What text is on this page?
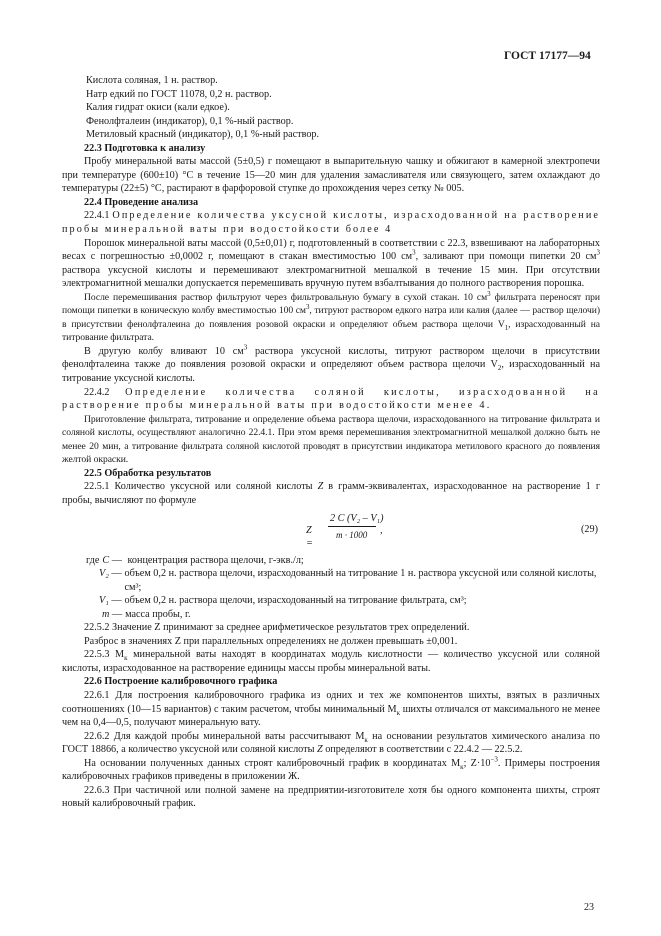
ГОСТ 17177—94

Кислота соляная, 1 н. раствор.

Натр едкий по ГОСТ 11078, 0,2 н. раствор.

Калия гидрат окиси (кали едкое).

Фенолфталеин (индикатор), 0,1 %-ный раствор.

Метиловый красный (индикатор), 0,1 %-ный раствор.

22.3 Подготовка к анализу

Пробу минеральной ваты массой (5±0,5) г помещают в выпарительную чашку и обжигают в камерной электропечи при температуре (600±10) °С в течение 15—20 мин для удаления замасливателя или связующего, затем охлаждают до температуры (22±5) °С, растирают в фарфоровой ступке до прохождения через сетку № 005.

22.4 Проведение анализа

22.4.1 Определение количества уксусной кислоты, израсходованной на растворение пробы минеральной ваты при водостойкости более 4

Порошок минеральной ваты массой (0,5±0,01) г, подготовленный в соответствии с 22.3, взвешивают на лабораторных весах с погрешностью ±0,0002 г, помещают в стакан вместимостью 100 $см^3$, заливают при помощи пипетки 20 $см^3$ раствора уксусной кислоты и перемешивают электромагнитной мешалкой в течение 15 мин. При отсутствии электромагнитной мешалки допускается перемешивать вручную путем взбалтывания до полного растворения порошка.

После перемешивания раствор фильтруют через фильтровальную бумагу в сухой стакан. 10 $см^3$ фильтрата переносят при помощи пипетки в коническую колбу вместимостью 100 $см^3$, титруют раствором едкого натра или калия (далее — раствор щелочи) в присутствии фенолфталеина до появления розовой окраски и определяют объем раствора щелочи $V_1$, израсходованный на титрование фильтрата.

В другую колбу вливают 10 $см^3$ раствора уксусной кислоты, титруют раствором щелочи в присутствии фенолфталеина также до появления розовой окраски и определяют объем раствора щелочи $V_2$, израсходованный на титрование уксусной кислоты.

22.4.2 Определение количества соляной кислоты, израсходованной на растворение пробы минеральной ваты при водостойкости менее 4.

Приготовление фильтрата, титрование и определение объема раствора щелочи, израсходованного на титрование фильтрата и соляной кислоты, осуществляют аналогично 22.4.1. При этом время перемешивания электромагнитной мешалкой должно быть не менее 20 мин, а титрование фильтрата соляной кислотой проводят в присутствии индикатора метилового красного до появления желтой окраски.

22.5 Обработка результатов

22.5.1 Количество уксусной или соляной кислоты Z в грамм-эквивалентах, израсходованное на растворение 1 г пробы, вычисляют по формуле

Z =
2 C (V₂ – V₁)
m · 1000 ,	(29)
где C — концентрация раствора щелочи, г-экв./л;
V₂ — объем 0,2 н. раствора щелочи, израсходованный на титрование 1 н. раствора уксусной или соляной кислоты, см³;
V₁ — объем 0,2 н. раствора щелочи, израсходованный на титрование фильтрата, см³;
m — масса пробы, г.

22.5.2 Значение Z принимают за среднее арифметическое результатов трех определений.

Разброс в значениях Z при параллельных определениях не должен превышать ±0,001.

22.5.3 $М_к$ минеральной ваты находят в координатах модуль кислотности — количество уксусной или соляной кислоты, израсходованное на растворение единицы массы пробы минеральной ваты.

22.6 Построение калибровочного графика

22.6.1 Для построения калибровочного графика из одних и тех же компонентов шихты, взятых в различных соотношениях (10—15 вариантов) с таким расчетом, чтобы минимальный $М_к$ шихты отличался от максимального не менее чем на 0,4—0,5, получают минеральную вату.

22.6.2 Для каждой пробы минеральной ваты рассчитывают $М_к$ на основании результатов химического анализа по ГОСТ 18866, а количество уксусной или соляной кислоты Z определяют в соответствии с 22.4.2 — 22.5.2.

На основании полученных данных строят калибровочный график в координатах $М_к$; $Z\cdot 10^{-3}$. Примеры построения калибровочных графиков приведены в приложении Ж.

22.6.3 При частичной или полной замене на предприятии-изготовителе хотя бы одного компонента шихты, строят новый калибровочный график.

23
